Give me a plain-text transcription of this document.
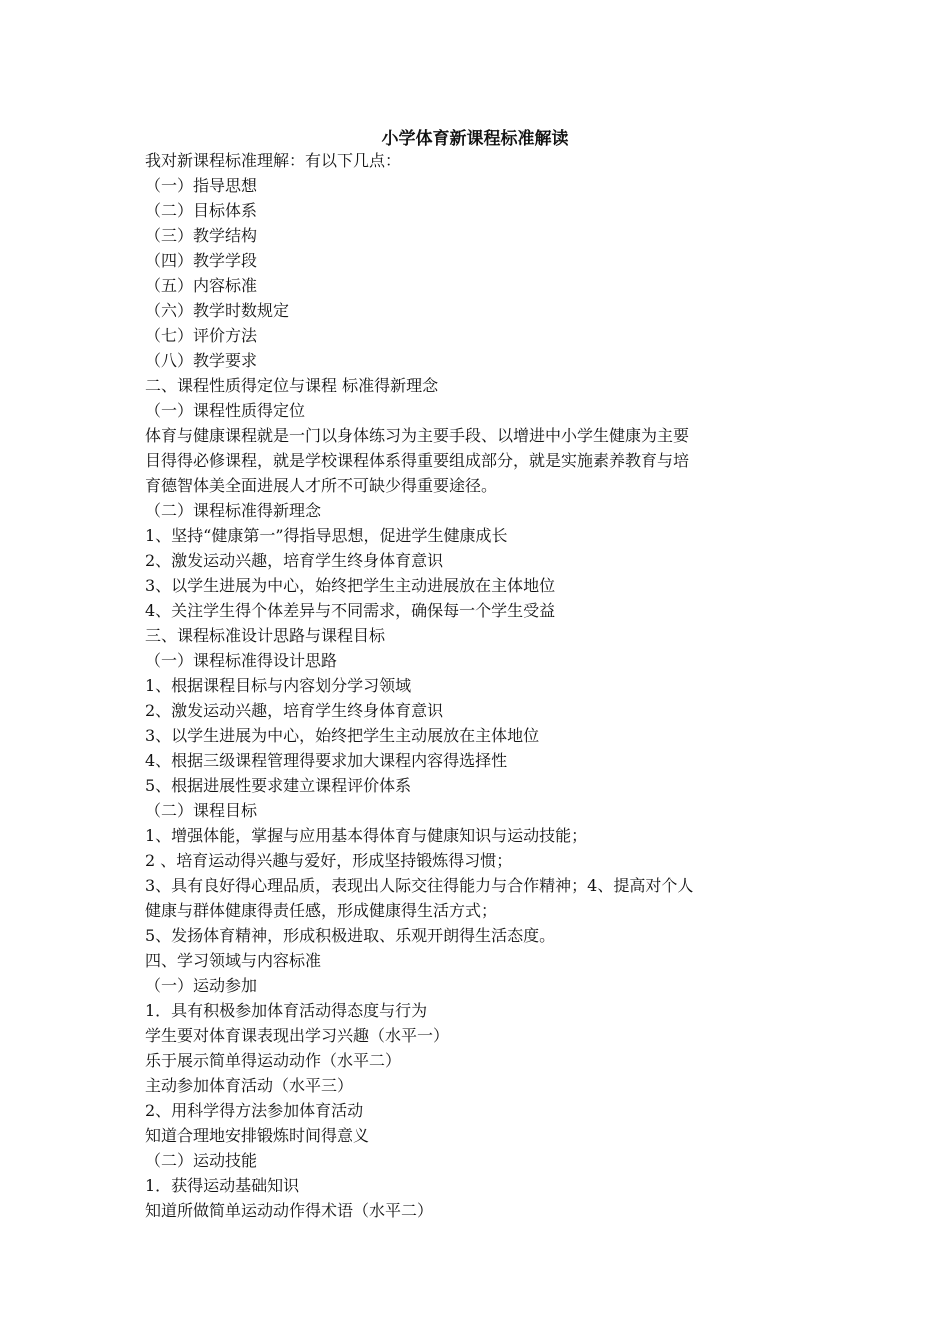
小学体育新课程标准解读

我对新课程标准理解：有以下几点：

（一）指导思想

（二）目标体系

（三）教学结构

（四）教学学段

（五）内容标准

（六）教学时数规定

（七）评价方法

（八）教学要求

二、课程性质得定位与课程 标准得新理念

（一）课程性质得定位

体育与健康课程就是一门以身体练习为主要手段、以增进中小学生健康为主要

目得得必修课程，就是学校课程体系得重要组成部分，就是实施素养教育与培

育德智体美全面进展人才所不可缺少得重要途径。

（二）课程标准得新理念

1、坚持“健康第一”得指导思想，促进学生健康成长

2、激发运动兴趣，培育学生终身体育意识

3、以学生进展为中心，始终把学生主动进展放在主体地位

4、关注学生得个体差异与不同需求，确保每一个学生受益

三、课程标准设计思路与课程目标

（一）课程标准得设计思路

1、根据课程目标与内容划分学习领域

2、激发运动兴趣，培育学生终身体育意识

3、以学生进展为中心，始终把学生主动展放在主体地位

4、根据三级课程管理得要求加大课程内容得选择性

5、根据进展性要求建立课程评价体系

（二）课程目标

1、增强体能，掌握与应用基本得体育与健康知识与运动技能；

2 、培育运动得兴趣与爱好，形成坚持锻炼得习惯；

3、具有良好得心理品质，表现出人际交往得能力与合作精神；4、提高对个人

健康与群体健康得责任感，形成健康得生活方式；

5、发扬体育精神，形成积极进取、乐观开朗得生活态度。

四、学习领域与内容标准

（一）运动参加

1．具有积极参加体育活动得态度与行为

学生要对体育课表现出学习兴趣（水平一）

乐于展示简单得运动动作（水平二）

主动参加体育活动（水平三）

2、用科学得方法参加体育活动

知道合理地安排锻炼时间得意义

（二）运动技能

1．获得运动基础知识

知道所做简单运动动作得术语（水平二）
